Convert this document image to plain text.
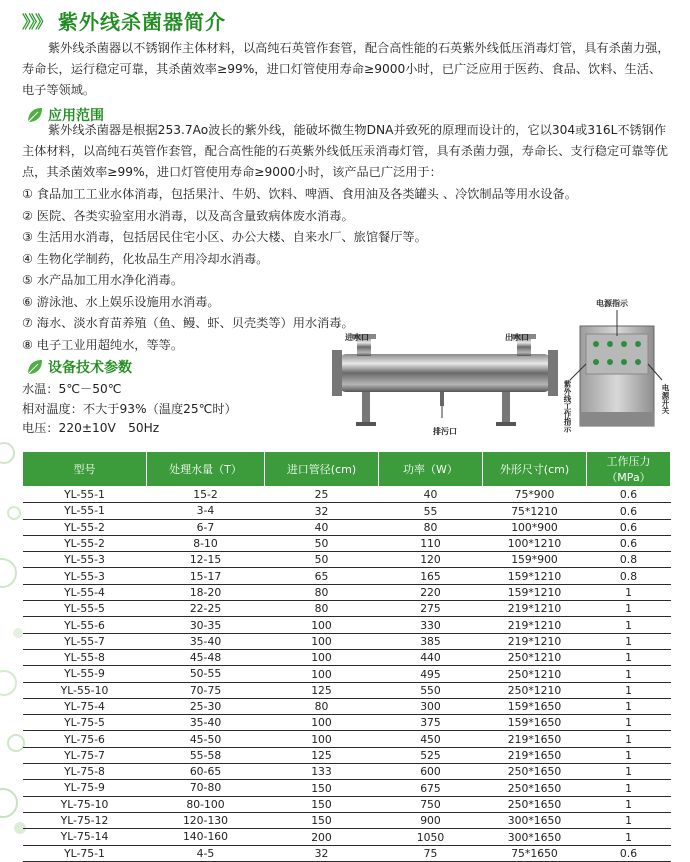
》》》 紫外线杀菌器简介
紫外线杀菌器以不锈钢作主体材料，以高纯石英管作套管，配合高性能的石英紫外线低压消毒灯管，具有杀菌力强，寿命长，运行稳定可靠，其杀菌效率≥99%，进口灯管使用寿命≥9000小时，已广泛应用于医药、食品、饮料、生活、电子等领域。
应用范围
紫外线杀菌器是根据253.7Ao波长的紫外线，能破坏微生物DNA并致死的原理而设计的，它以304或316L不锈钢作主体材料，以高纯石英管作套管，配合高性能的石英紫外线低压汞消毒灯管，具有杀菌力强，寿命长、支行稳定可靠等优点，其杀菌效率≥99%，进口灯管使用寿命≥9000小时，该产品已广泛用于：
① 食品加工工业水体消毒，包括果汁、牛奶、饮料、啤酒、食用油及各类罐头 、冷饮制品等用水设备。
② 医院、各类实验室用水消毒，以及高含量致病体废水消毒。
③ 生活用水消毒，包括居民住宅小区、办公大楼、自来水厂、旅馆餐厅等。
④ 生物化学制药，化妆品生产用冷却水消毒。
⑤ 水产品加工用水净化消毒。
⑥ 游泳池、水上娱乐设施用水消毒。
⑦ 海水、淡水育苗养殖（鱼、鳗、虾、贝壳类等）用水消毒。
⑧ 电子工业用超纯水，等等。
设备技术参数
水温：5℃－50℃
相对温度：不大于93%（温度25℃时）
电压：220±10V　50Hz
进水口	出水口
排污口
电源指示
紫外线工作指示	电源开关
型号	处理水量（T）	进口管径(cm)	功率（W）	外形尺寸(cm)	工作压力（MPa）
YL-55-1	15-2	25	40	75*900	0.6
YL-55-1	3-4	32	55	75*1210	0.6
YL-55-2	6-7	40	80	100*900	0.6
YL-55-2	8-10	50	110	100*1210	0.6
YL-55-3	12-15	50	120	159*900	0.8
YL-55-3	15-17	65	165	159*1210	0.8
YL-55-4	18-20	80	220	159*1210	1
YL-55-5	22-25	80	275	219*1210	1
YL-55-6	30-35	100	330	219*1210	1
YL-55-7	35-40	100	385	219*1210	1
YL-55-8	45-48	100	440	250*1210	1
YL-55-9	50-55	100	495	250*1210	1
YL-55-10	70-75	125	550	250*1210	1
YL-75-4	25-30	80	300	159*1650	1
YL-75-5	35-40	100	375	159*1650	1
YL-75-6	45-50	100	450	219*1650	1
YL-75-7	55-58	125	525	219*1650	1
YL-75-8	60-65	133	600	250*1650	1
YL-75-9	70-80	150	675	250*1650	1
YL-75-10	80-100	150	750	250*1650	1
YL-75-12	120-130	150	900	300*1650	1
YL-75-14	140-160	200	1050	300*1650	1
YL-75-1	4-5	32	75	75*1650	0.6
